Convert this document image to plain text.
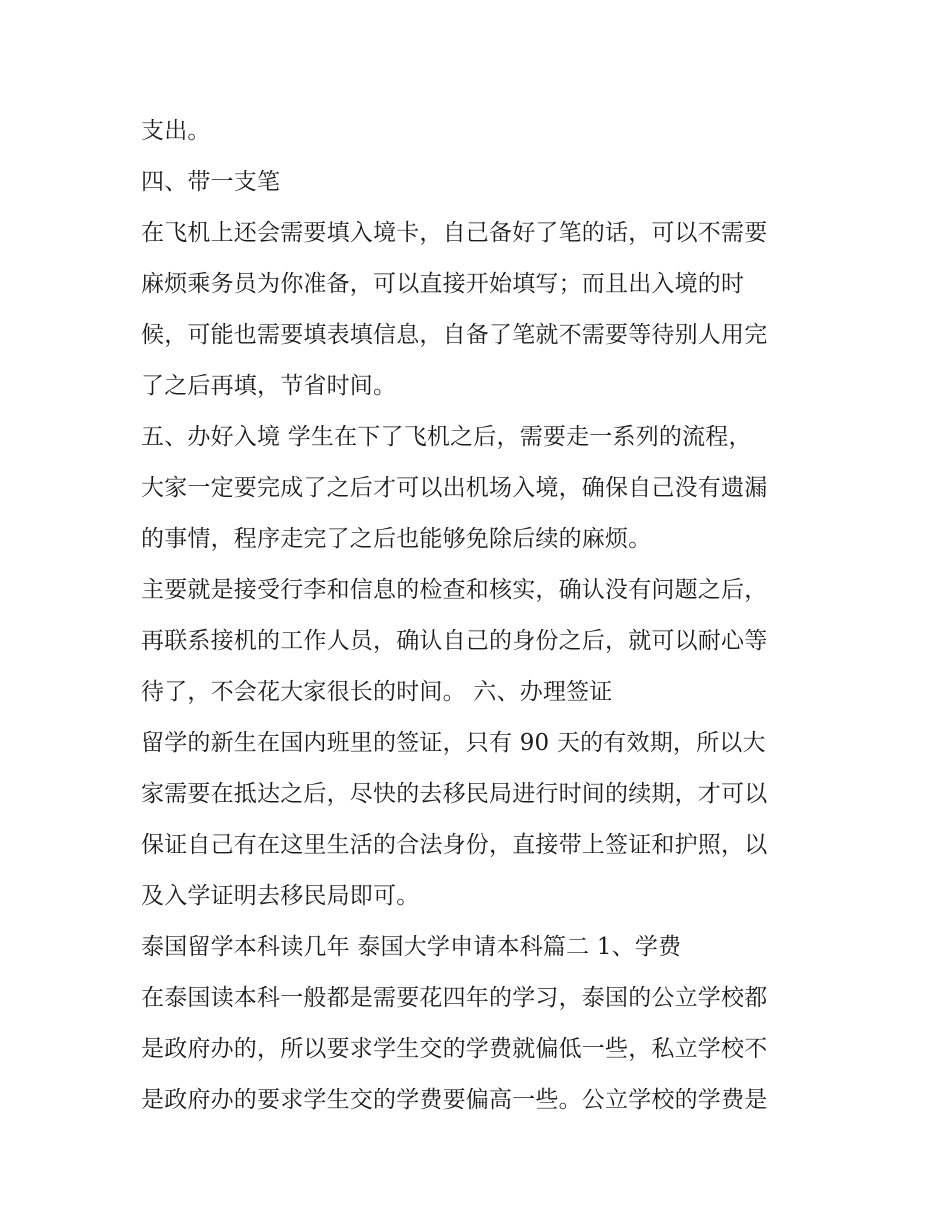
支出。
四、带一支笔
在飞机上还会需要填入境卡，自己备好了笔的话，可以不需要
麻烦乘务员为你准备，可以直接开始填写；而且出入境的时
候，可能也需要填表填信息，自备了笔就不需要等待别人用完
了之后再填，节省时间。
五、办好入境 学生在下了飞机之后，需要走一系列的流程，
大家一定要完成了之后才可以出机场入境，确保自己没有遗漏
的事情，程序走完了之后也能够免除后续的麻烦。
主要就是接受行李和信息的检查和核实，确认没有问题之后，
再联系接机的工作人员，确认自己的身份之后，就可以耐心等
待了，不会花大家很长的时间。 六、办理签证
留学的新生在国内班里的签证，只有 90 天的有效期，所以大
家需要在抵达之后，尽快的去移民局进行时间的续期，才可以
保证自己有在这里生活的合法身份，直接带上签证和护照，以
及入学证明去移民局即可。
泰国留学本科读几年 泰国大学申请本科篇二 1、学费
在泰国读本科一般都是需要花四年的学习，泰国的公立学校都
是政府办的，所以要求学生交的学费就偏低一些，私立学校不
是政府办的要求学生交的学费要偏高一些。公立学校的学费是
